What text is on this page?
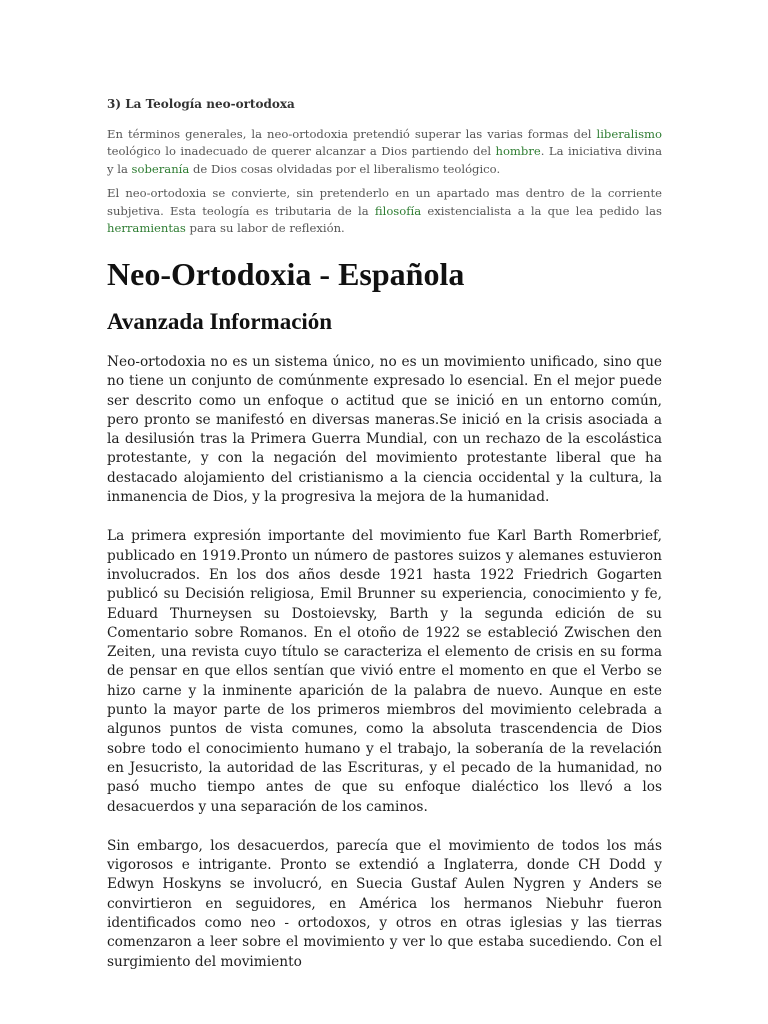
3) La Teología neo-ortodoxa

En términos generales, la neo-ortodoxia pretendió superar las varias formas del liberalismo teológico lo inadecuado de querer alcanzar a Dios partiendo del hombre. La iniciativa divina y la soberanía de Dios cosas olvidadas por el liberalismo teológico.

El neo-ortodoxia se convierte, sin pretenderlo en un apartado mas dentro de la corriente subjetiva. Esta teología es tributaria de la filosofía existencialista a la que lea pedido las herramientas para su labor de reflexión.

Neo-Ortodoxia - Española
Avanzada Información

Neo-ortodoxia no es un sistema único, no es un movimiento unificado, sino que no tiene un conjunto de comúnmente expresado lo esencial. En el mejor puede ser descrito como un enfoque o actitud que se inició en un entorno común, pero pronto se manifestó en diversas maneras.Se inició en la crisis asociada a la desilusión tras la Primera Guerra Mundial, con un rechazo de la escolástica protestante, y con la negación del movimiento protestante liberal que ha destacado alojamiento del cristianismo a la ciencia occidental y la cultura, la inmanencia de Dios, y la progresiva la mejora de la humanidad.

La primera expresión importante del movimiento fue Karl Barth Romerbrief, publicado en 1919.Pronto un número de pastores suizos y alemanes estuvieron involucrados. En los dos años desde 1921 hasta 1922 Friedrich Gogarten publicó su Decisión religiosa, Emil Brunner su experiencia, conocimiento y fe, Eduard Thurneysen su Dostoievsky, Barth y la segunda edición de su Comentario sobre Romanos. En el otoño de 1922 se estableció Zwischen den Zeiten, una revista cuyo título se caracteriza el elemento de crisis en su forma de pensar en que ellos sentían que vivió entre el momento en que el Verbo se hizo carne y la inminente aparición de la palabra de nuevo. Aunque en este punto la mayor parte de los primeros miembros del movimiento celebrada a algunos puntos de vista comunes, como la absoluta trascendencia de Dios sobre todo el conocimiento humano y el trabajo, la soberanía de la revelación en Jesucristo, la autoridad de las Escrituras, y el pecado de la humanidad, no pasó mucho tiempo antes de que su enfoque dialéctico los llevó a los desacuerdos y una separación de los caminos.

Sin embargo, los desacuerdos, parecía que el movimiento de todos los más vigorosos e intrigante. Pronto se extendió a Inglaterra, donde CH Dodd y Edwyn Hoskyns se involucró, en Suecia Gustaf Aulen Nygren y Anders se convirtieron en seguidores, en América los hermanos Niebuhr fueron identificados como neo - ortodoxos, y otros en otras iglesias y las tierras comenzaron a leer sobre el movimiento y ver lo que estaba sucediendo. Con el surgimiento del movimiento
